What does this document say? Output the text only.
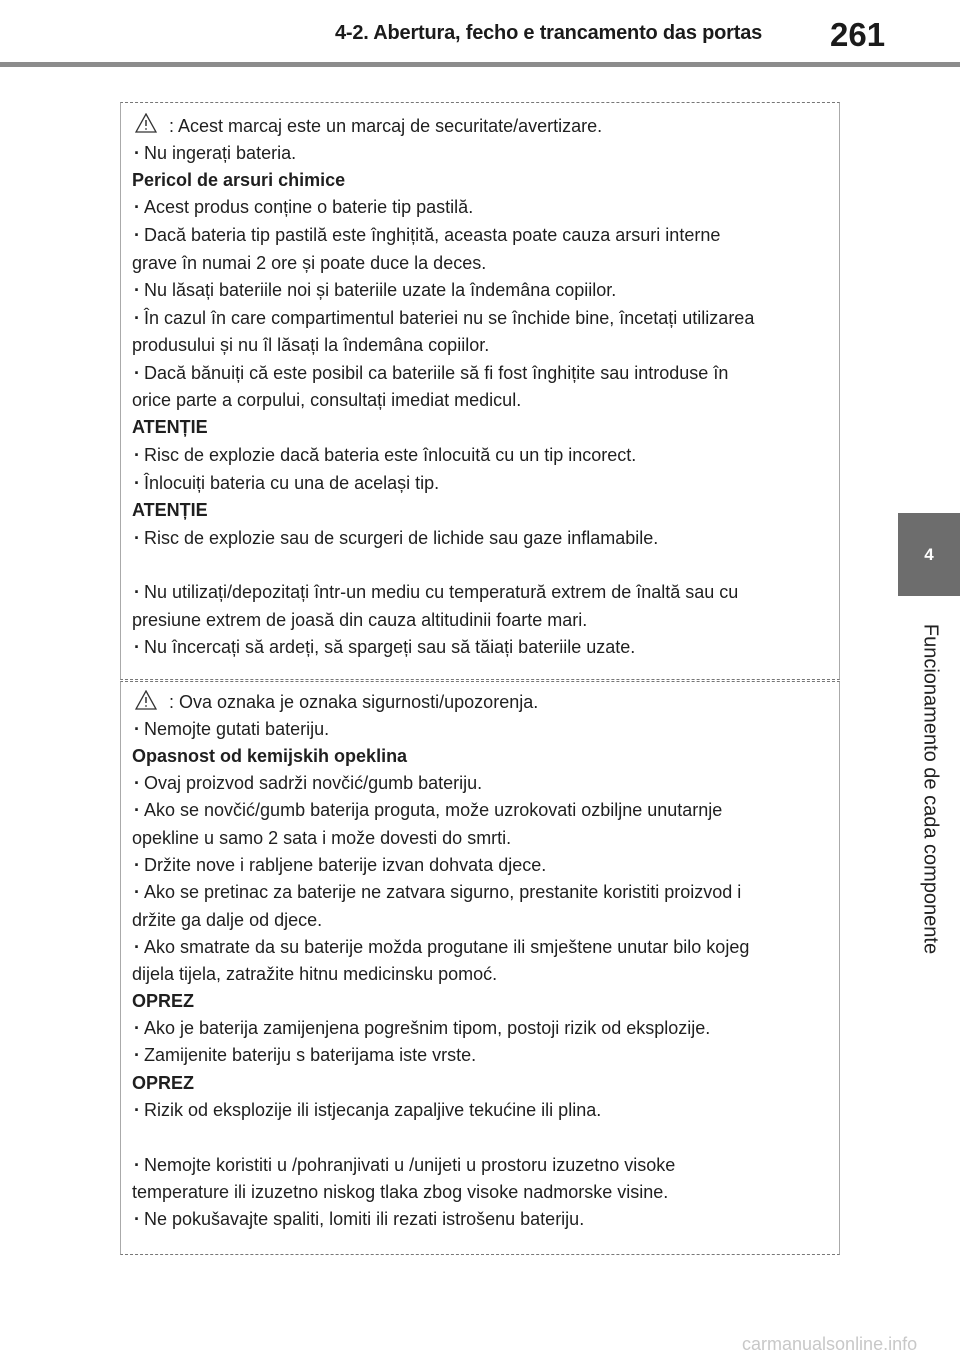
4-2. Abertura, fecho e trancamento das portas 261
4
Funcionamento de cada componente
: Acest marcaj este un marcaj de securitate/avertizare.
· Nu ingerați bateria.
Pericol de arsuri chimice
· Acest produs conține o baterie tip pastilă.
· Dacă bateria tip pastilă este înghițită, aceasta poate cauza arsuri interne
grave în numai 2 ore și poate duce la deces.
· Nu lăsați bateriile noi și bateriile uzate la îndemâna copiilor.
· În cazul în care compartimentul bateriei nu se închide bine, încetați utilizarea
produsului și nu îl lăsați la îndemâna copiilor.
· Dacă bănuiți că este posibil ca bateriile să fi fost înghițite sau introduse în
orice parte a corpului, consultați imediat medicul.
ATENȚIE
· Risc de explozie dacă bateria este înlocuită cu un tip incorect.
· Înlocuiți bateria cu una de același tip.
ATENȚIE
· Risc de explozie sau de scurgeri de lichide sau gaze inflamabile.
· Nu utilizați/depozitați într-un mediu cu temperatură extrem de înaltă sau cu
presiune extrem de joasă din cauza altitudinii foarte mari.
· Nu încercați să ardeți, să spargeți sau să tăiați bateriile uzate.
: Ova oznaka je oznaka sigurnosti/upozorenja.
· Nemojte gutati bateriju.
Opasnost od kemijskih opeklina
· Ovaj proizvod sadrži novčić/gumb bateriju.
· Ako se novčić/gumb baterija proguta, može uzrokovati ozbiljne unutarnje
opekline u samo 2 sata i može dovesti do smrti.
· Držite nove i rabljene baterije izvan dohvata djece.
· Ako se pretinac za baterije ne zatvara sigurno, prestanite koristiti proizvod i
držite ga dalje od djece.
· Ako smatrate da su baterije možda progutane ili smještene unutar bilo kojeg
dijela tijela, zatražite hitnu medicinsku pomoć.
OPREZ
· Ako je baterija zamijenjena pogrešnim tipom, postoji rizik od eksplozije.
· Zamijenite bateriju s baterijama iste vrste.
OPREZ
· Rizik od eksplozije ili istjecanja zapaljive tekućine ili plina.
· Nemojte koristiti u /pohranjivati u /unijeti u prostoru izuzetno visoke
temperature ili izuzetno niskog tlaka zbog visoke nadmorske visine.
· Ne pokušavajte spaliti, lomiti ili rezati istrošenu bateriju.
carmanualsonline.info
